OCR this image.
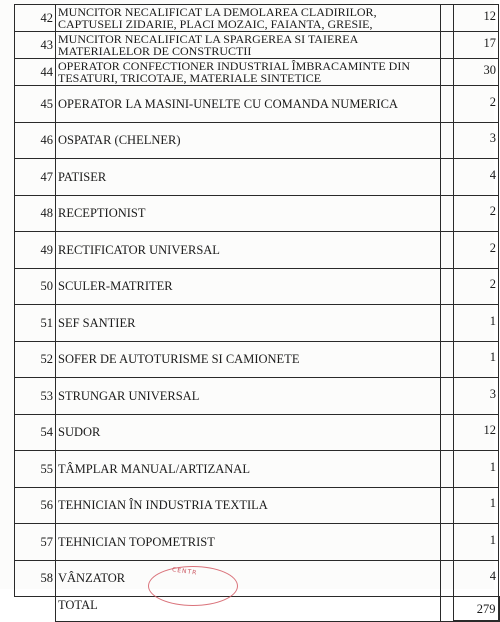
42	MUNCITOR NECALIFICAT LA DEMOLAREA CLADIRILOR,
CAPTUSELI ZIDARIE, PLACI MOZAIC, FAIANTA, GRESIE,		12
43	MUNCITOR NECALIFICAT LA SPARGEREA SI TAIEREA
MATERIALELOR DE CONSTRUCTII		17
44	OPERATOR CONFECTIONER INDUSTRIAL ÎMBRACAMINTE DIN
TESATURI, TRICOTAJE, MATERIALE SINTETICE		30
45	OPERATOR LA MASINI-UNELTE CU COMANDA NUMERICA		2
46	OSPATAR (CHELNER)		3
47	PATISER		4
48	RECEPTIONIST		2
49	RECTIFICATOR UNIVERSAL		2
50	SCULER-MATRITER		2
51	SEF SANTIER		1
52	SOFER DE AUTOTURISME SI CAMIONETE		1
53	STRUNGAR UNIVERSAL		3
54	SUDOR		12
55	TÂMPLAR MANUAL/ARTIZANAL		1
56	TEHNICIAN ÎN INDUSTRIA TEXTILA		1
57	TEHNICIAN TOPOMETRIST		1
58	VÂNZATOR		4
	TOTAL		279
CENTR
